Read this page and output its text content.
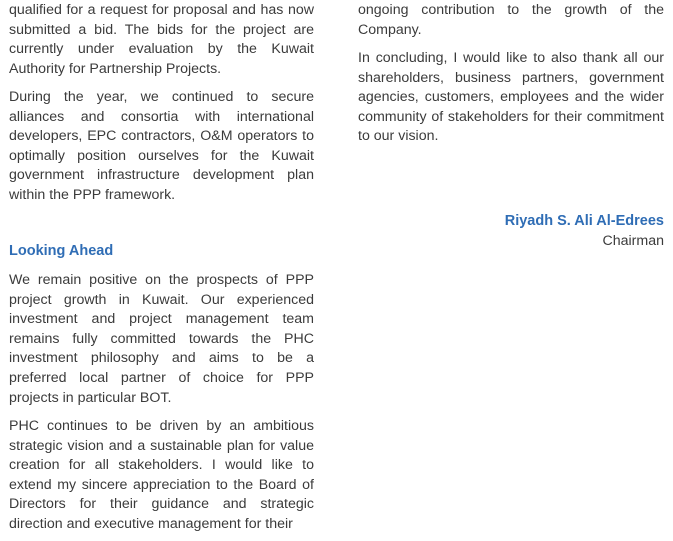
qualified for a request for proposal and has now submitted a bid. The bids for the project are currently under evaluation by the Kuwait Authority for Partnership Projects.

During the year, we continued to secure alliances and consortia with international developers, EPC contractors, O&M operators to optimally position ourselves for the Kuwait government infrastructure development plan within the PPP framework.

Looking Ahead

We remain positive on the prospects of PPP project growth in Kuwait. Our experienced investment and project management team remains fully committed towards the PHC investment philosophy and aims to be a preferred local partner of choice for PPP projects in particular BOT.

PHC continues to be driven by an ambitious strategic vision and a sustainable plan for value creation for all stakeholders. I would like to extend my sincere appreciation to the Board of Directors for their guidance and strategic direction and executive management for their

ongoing contribution to the growth of the Company.

In concluding, I would like to also thank all our shareholders, business partners, government agencies, customers, employees and the wider community of stakeholders for their commitment to our vision.

Riyadh S. Ali Al-Edrees
Chairman
